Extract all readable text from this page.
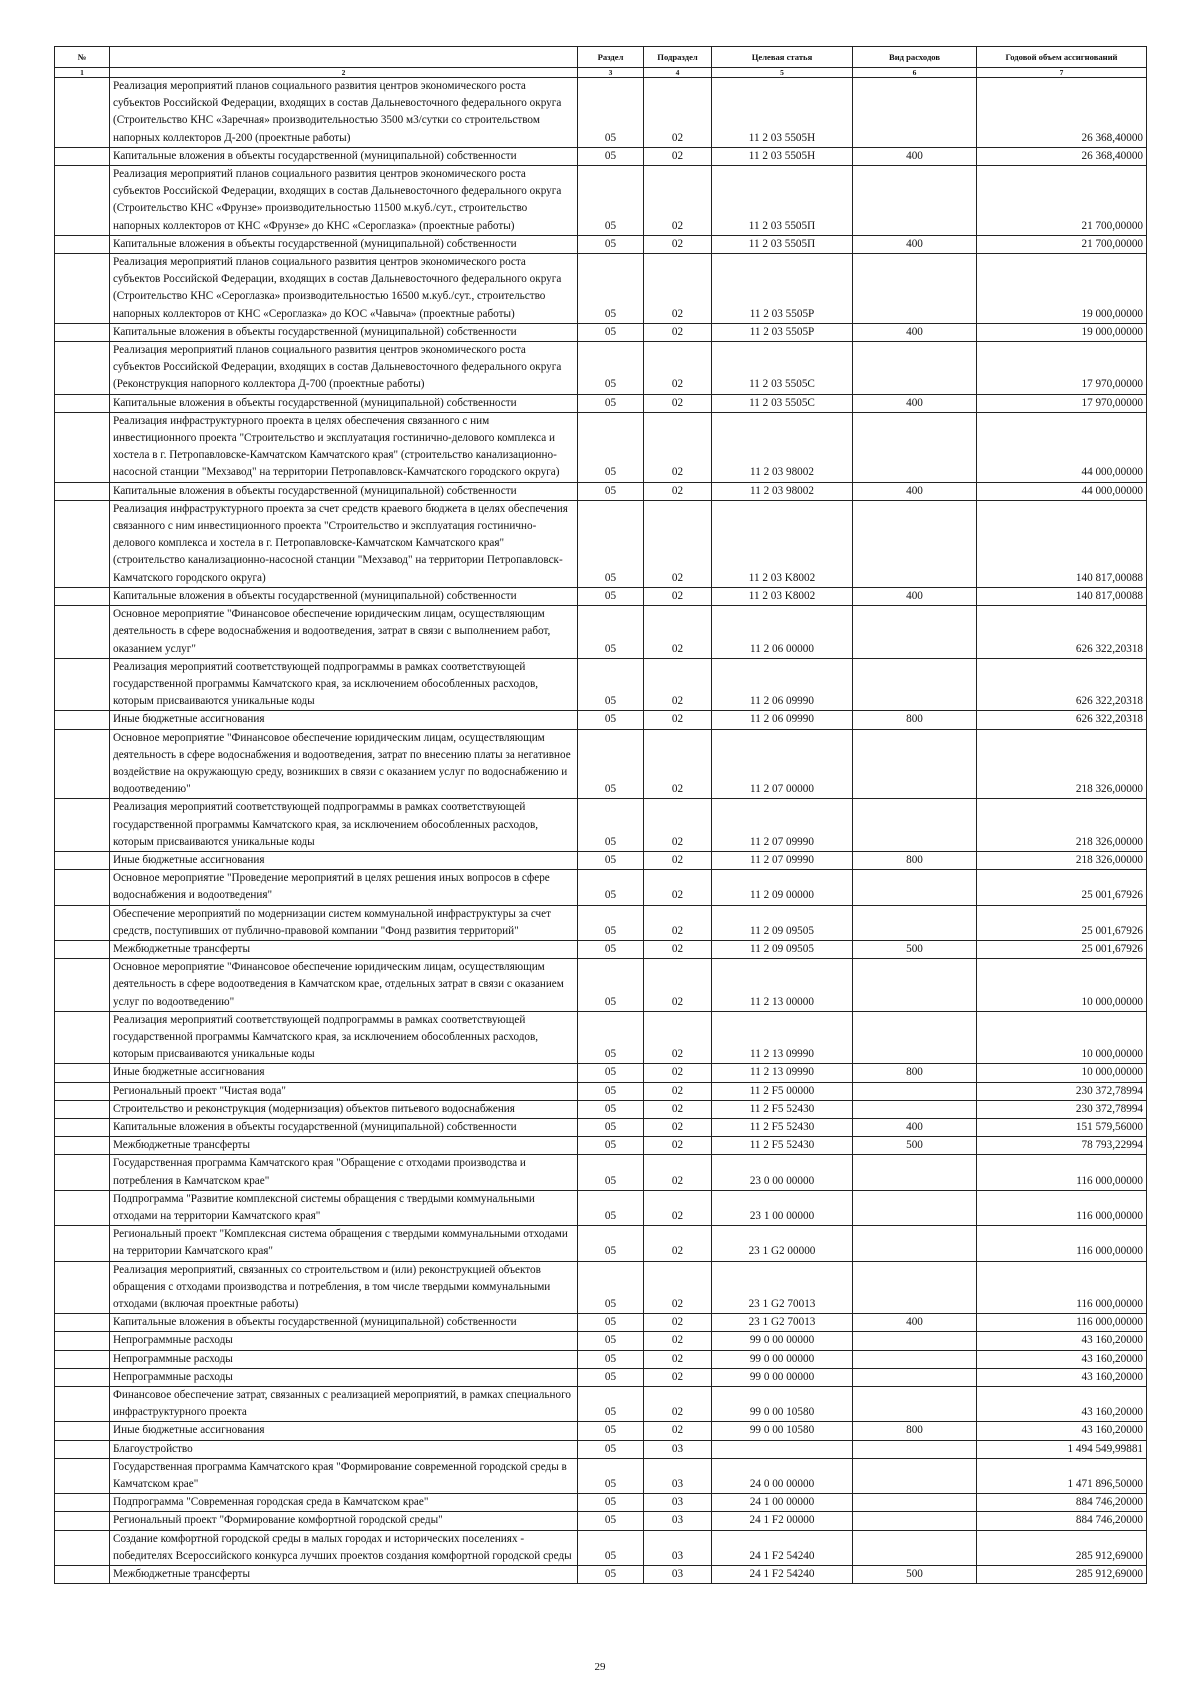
№		Раздел	Подраздел	Целевая статья	Вид расходов	Годовой объем ассигнований
1	2	3	4	5	6	7
	Реализация мероприятий планов социального развития центров экономического роста субъектов Российской Федерации, входящих в состав Дальневосточного федерального округа (Строительство КНС «Заречная» производительностью 3500 м3/сутки со строительством напорных коллекторов Д-200 (проектные работы)	05	02	11 2 03 5505Н		26 368,40000
	Капитальные вложения в объекты государственной (муниципальной) собственности	05	02	11 2 03 5505Н	400	26 368,40000
	Реализация мероприятий планов социального развития центров экономического роста субъектов Российской Федерации, входящих в состав Дальневосточного федерального округа (Строительство КНС «Фрунзе» производительностью 11500 м.куб./сут., строительство напорных коллекторов от КНС «Фрунзе» до КНС «Сероглазка» (проектные работы)	05	02	11 2 03 5505П		21 700,00000
	Капитальные вложения в объекты государственной (муниципальной) собственности	05	02	11 2 03 5505П	400	21 700,00000
	Реализация мероприятий планов социального развития центров экономического роста субъектов Российской Федерации, входящих в состав Дальневосточного федерального округа (Строительство КНС «Сероглазка» производительностью 16500 м.куб./сут., строительство напорных коллекторов от КНС «Сероглазка» до КОС «Чавыча» (проектные работы)	05	02	11 2 03 5505Р		19 000,00000
	Капитальные вложения в объекты государственной (муниципальной) собственности	05	02	11 2 03 5505Р	400	19 000,00000
	Реализация мероприятий планов социального развития центров экономического роста субъектов Российской Федерации, входящих в состав Дальневосточного федерального округа (Реконструкция напорного коллектора Д-700 (проектные работы)	05	02	11 2 03 5505С		17 970,00000
	Капитальные вложения в объекты государственной (муниципальной) собственности	05	02	11 2 03 5505С	400	17 970,00000
	Реализация инфраструктурного проекта в целях обеспечения связанного с ним инвестиционного проекта "Строительство и эксплуатация гостинично-делового комплекса и хостела в г. Петропавловске-Камчатском Камчатского края" (строительство канализационно-насосной станции "Мехзавод" на территории Петропавловск-Камчатского городского округа)	05	02	11 2 03 98002		44 000,00000
	Капитальные вложения в объекты государственной (муниципальной) собственности	05	02	11 2 03 98002	400	44 000,00000
	Реализация инфраструктурного проекта за счет средств краевого бюджета в целях обеспечения связанного с ним инвестиционного проекта "Строительство и эксплуатация гостинично-делового комплекса и хостела в г. Петропавловске-Камчатском Камчатского края" (строительство канализационно-насосной станции "Мехзавод" на территории Петропавловск-Камчатского городского округа)	05	02	11 2 03 K8002		140 817,00088
	Капитальные вложения в объекты государственной (муниципальной) собственности	05	02	11 2 03 K8002	400	140 817,00088
	Основное мероприятие "Финансовое обеспечение юридическим лицам, осуществляющим деятельность в сфере водоснабжения и водоотведения, затрат в связи с выполнением работ, оказанием услуг"	05	02	11 2 06 00000		626 322,20318
	Реализация мероприятий соответствующей подпрограммы в рамках соответствующей государственной программы Камчатского края, за исключением обособленных расходов, которым присваиваются уникальные коды	05	02	11 2 06 09990		626 322,20318
	Иные бюджетные ассигнования	05	02	11 2 06 09990	800	626 322,20318
	Основное мероприятие "Финансовое обеспечение юридическим лицам, осуществляющим деятельность в сфере водоснабжения и водоотведения, затрат по внесению платы за негативное воздействие на окружающую среду, возникших в связи с оказанием услуг по водоснабжению и водоотведению"	05	02	11 2 07 00000		218 326,00000
	Реализация мероприятий соответствующей подпрограммы в рамках соответствующей государственной программы Камчатского края, за исключением обособленных расходов, которым присваиваются уникальные коды	05	02	11 2 07 09990		218 326,00000
	Иные бюджетные ассигнования	05	02	11 2 07 09990	800	218 326,00000
	Основное мероприятие "Проведение мероприятий в целях решения иных вопросов в сфере водоснабжения и водоотведения"	05	02	11 2 09 00000		25 001,67926
	Обеспечение мероприятий по модернизации систем коммунальной инфраструктуры за счет средств, поступивших от публично-правовой компании "Фонд развития территорий"	05	02	11 2 09 09505		25 001,67926
	Межбюджетные трансферты	05	02	11 2 09 09505	500	25 001,67926
	Основное мероприятие "Финансовое обеспечение юридическим лицам, осуществляющим деятельность в сфере водоотведения в Камчатском крае, отдельных затрат в связи с оказанием услуг по водоотведению"	05	02	11 2 13 00000		10 000,00000
	Реализация мероприятий соответствующей подпрограммы в рамках соответствующей государственной программы Камчатского края, за исключением обособленных расходов, которым присваиваются уникальные коды	05	02	11 2 13 09990		10 000,00000
	Иные бюджетные ассигнования	05	02	11 2 13 09990	800	10 000,00000
	Региональный проект "Чистая вода"	05	02	11 2 F5 00000		230 372,78994
	Строительство и реконструкция (модернизация) объектов питьевого водоснабжения	05	02	11 2 F5 52430		230 372,78994
	Капитальные вложения в объекты государственной (муниципальной) собственности	05	02	11 2 F5 52430	400	151 579,56000
	Межбюджетные трансферты	05	02	11 2 F5 52430	500	78 793,22994
	Государственная программа Камчатского края "Обращение с отходами производства и потребления в Камчатском крае"	05	02	23 0 00 00000		116 000,00000
	Подпрограмма "Развитие комплексной системы обращения с твердыми коммунальными отходами на территории Камчатского края"	05	02	23 1 00 00000		116 000,00000
	Региональный проект "Комплексная система обращения с твердыми коммунальными отходами на территории Камчатского края"	05	02	23 1 G2 00000		116 000,00000
	Реализация мероприятий, связанных со строительством и (или) реконструкцией объектов обращения с отходами производства и потребления, в том числе твердыми коммунальными отходами (включая проектные работы)	05	02	23 1 G2 70013		116 000,00000
	Капитальные вложения в объекты государственной (муниципальной) собственности	05	02	23 1 G2 70013	400	116 000,00000
	Непрограммные расходы	05	02	99 0 00 00000		43 160,20000
	Непрограммные расходы	05	02	99 0 00 00000		43 160,20000
	Непрограммные расходы	05	02	99 0 00 00000		43 160,20000
	Финансовое обеспечение затрат, связанных с реализацией мероприятий, в рамках специального инфраструктурного проекта	05	02	99 0 00 10580		43 160,20000
	Иные бюджетные ассигнования	05	02	99 0 00 10580	800	43 160,20000
	Благоустройство	05	03			1 494 549,99881
	Государственная программа Камчатского края "Формирование современной городской среды в Камчатском крае"	05	03	24 0 00 00000		1 471 896,50000
	Подпрограмма "Современная городская среда в Камчатском крае"	05	03	24 1 00 00000		884 746,20000
	Региональный проект "Формирование комфортной городской среды"	05	03	24 1 F2 00000		884 746,20000
	Создание комфортной городской среды в малых городах и исторических поселениях - победителях Всероссийского конкурса лучших проектов создания комфортной городской среды	05	03	24 1 F2 54240		285 912,69000
	Межбюджетные трансферты	05	03	24 1 F2 54240	500	285 912,69000
29
